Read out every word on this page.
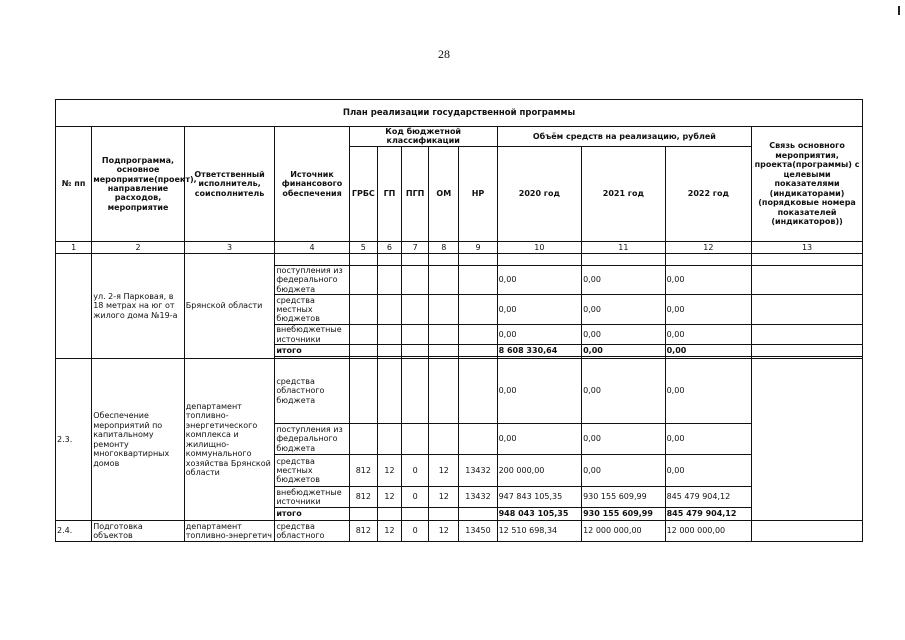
28
План реализации государственной программы												
№ пп	Подпрограмма, основное мероприятие(проект), направление расходов, мероприятие	Ответственный исполнитель, соисполнитель	Источник финансового обеспечения	Код бюджетной классификации					Объём средств на реализацию, рублей			Связь основного мероприятия, проекта(программы) с целевыми показателями (индикаторами) (порядковые номера показателей (индикаторов))
				ГРБС	ГП	ПГП	ОМ	НР	2020 год	2021 год	2022 год	
1	2	3	4	5	6	7	8	9	10	11	12	13
	ул. 2-я Парковая, в 18 метрах на юг от жилого дома №19-а	Брянской области										
			поступления из федерального бюджета						0,00	0,00	0,00	
			средства местных бюджетов						0,00	0,00	0,00	
			внебюджетные источники						0,00	0,00	0,00	
			итого						8 608 330,64	0,00	0,00	

2.3.	Обеспечение мероприятий по капитальному ремонту многоквартирных домов	департамент топливно-энергетического комплекса и жилищно-коммунального хозяйства Брянской области	средства областного бюджета						0,00	0,00	0,00	
			поступления из федерального бюджета						0,00	0,00	0,00	
			средства местных бюджетов	812	12	0	12	13432	200 000,00	0,00	0,00	
			внебюджетные источники	812	12	0	12	13432	947 843 105,35	930 155 609,99	845 479 904,12	
			итого						948 043 105,35	930 155 609,99	845 479 904,12	
2.4.	Подготовка объектов	департамент топливно-энергетич	средства областного	812	12	0	12	13450	12 510 698,34	12 000 000,00	12 000 000,00	
